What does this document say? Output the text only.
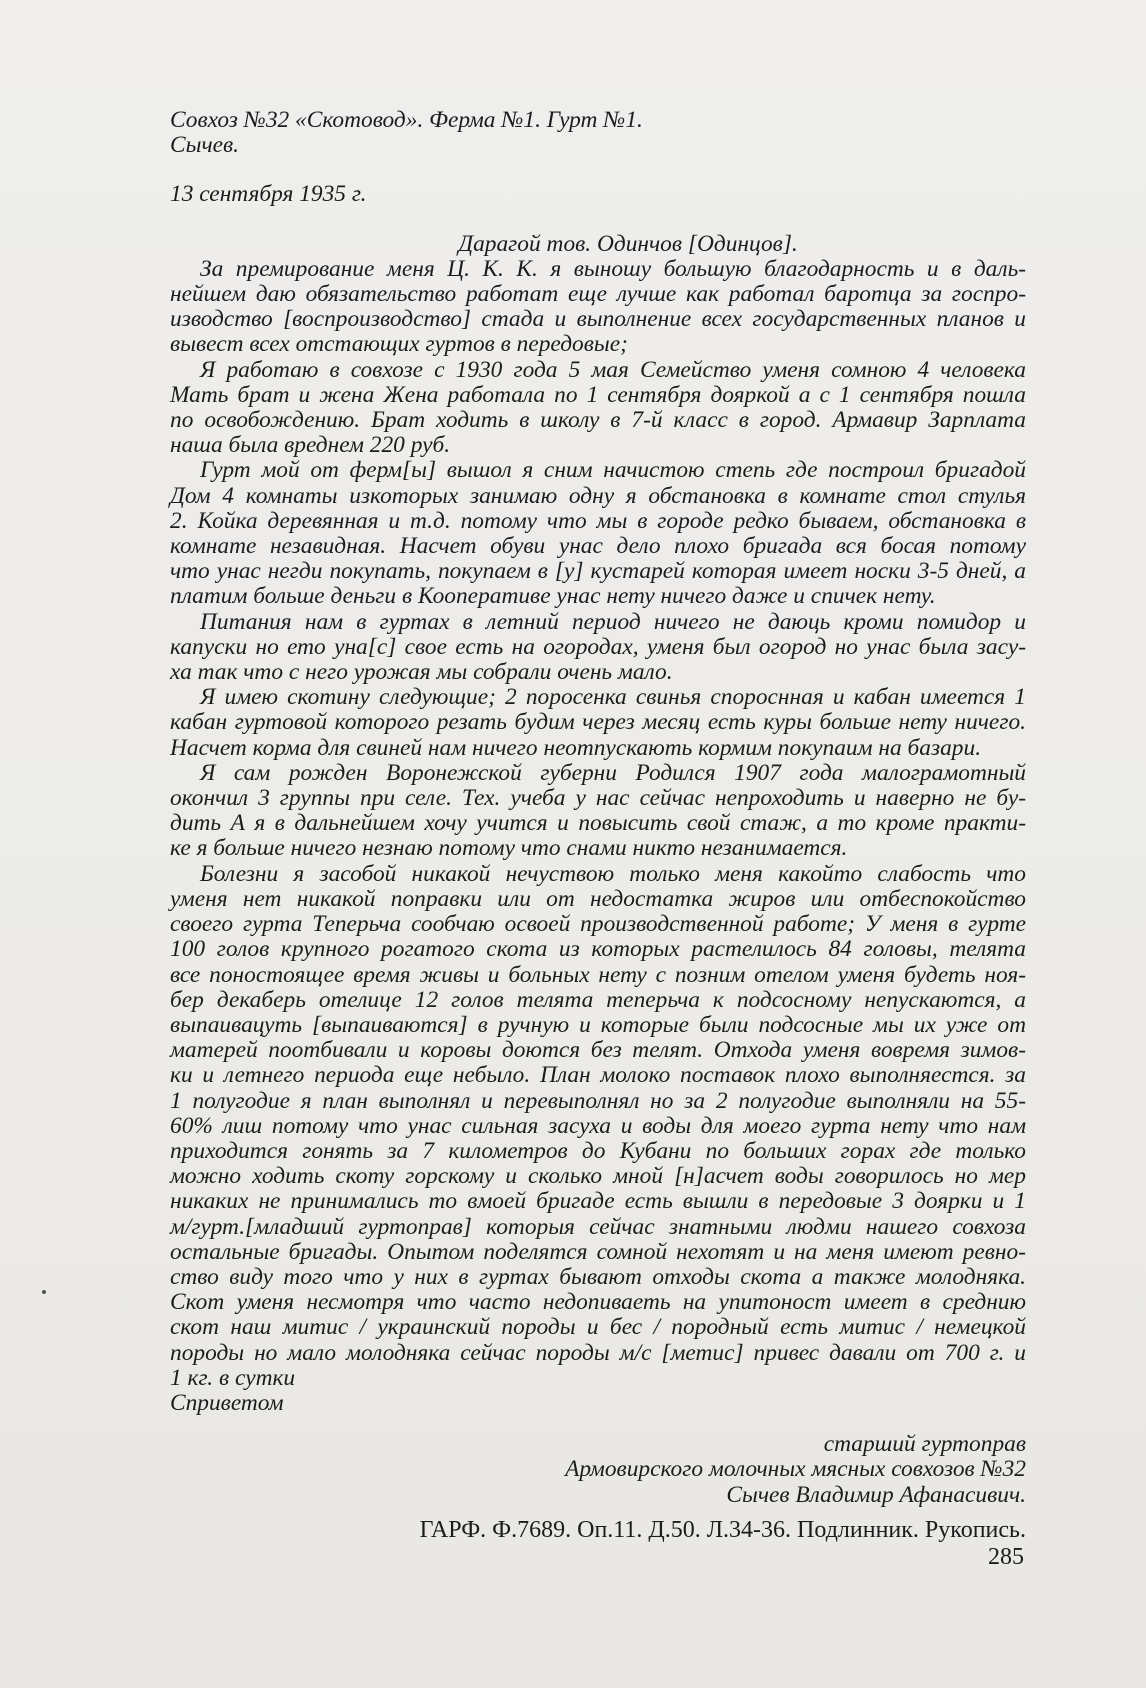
Совхоз №32 «Скотовод». Ферма №1. Гурт №1.

Сычев.

13 сентября 1935 г.

Дарагой тов. Одинчов [Одинцов].

За премирование меня Ц. К. К. я выношу большую благодарность и в даль-
нейшем даю обязательство работат еще лучше как работал баротца за госпро-
изводство [воспроизводство] стада и выполнение всех государственных планов и
вывест всех отстающих гуртов в передовые;

Я работаю в совхозе с 1930 года 5 мая Семейство уменя сомною 4 человека
Мать брат и жена Жена работала по 1 сентября дояркой а с 1 сентября пошла
по освобождению. Брат ходить в школу в 7-й класс в город. Армавир Зарплата
наша была вреднем 220 руб.

Гурт мой от ферм[ы] вышол я сним начистою степь где построил бригадой
Дом 4 комнаты изкоторых занимаю одну я обстановка в комнате стол стулья
2. Койка деревянная и т.д. потому что мы в городе редко бываем, обстановка в
комнате незавидная. Насчет обуви унас дело плохо бригада вся босая потому
что унас негди покупать, покупаем в [у] кустарей которая имеет носки 3-5 дней, а
платим больше деньги в Кооперативе унас нету ничего даже и спичек нету.

Питания нам в гуртах в летний период ничего не даюць кроми помидор и
капуски но ето уна[с] свое есть на огородах, уменя был огород но унас была засу-
ха так что с него урожая мы собрали очень мало.

Я имею скотину следующие; 2 поросенка свинья спороснная и кабан имеется 1
кабан гуртовой которого резать будим через месяц есть куры больше нету ничего.
Насчет корма для свиней нам ничего неотпускають кормим покупаим на базари.

Я сам рожден Воронежской губерни Родился 1907 года малограмотный
окончил 3 группы при селе. Тех. учеба у нас сейчас непроходить и наверно не бу-
дить А я в дальнейшем хочу учится и повысить свой стаж, а то кроме практи-
ке я больше ничего незнаю потому что снами никто незанимается.

Болезни я засобой никакой нечуствою только меня какойто слабость что
уменя нет никакой поправки или от недостатка жиров или отбеспокойство
своего гурта Теперьча сообчаю освоей производственной работе; У меня в гурте
100 голов крупного рогатого скота из которых растелилось 84 головы, телята
все поностоящее время живы и больных нету с позним отелом уменя будеть ноя-
бер декаберь отелице 12 голов телята теперьча к подсосному непускаются, а
выпаивацуть [выпаиваются] в ручную и которые были подсосные мы их уже от
матерей поотбивали и коровы доются без телят. Отхода уменя вовремя зимов-
ки и летнего периода еще небыло. План молоко поставок плохо выполняестся. за
1 полугодие я план выполнял и перевыполнял но за 2 полугодие выполняли на 55-
60% лиш потому что унас сильная засуха и воды для моего гурта нету что нам
приходится гонять за 7 километров до Кубани по больших горах где только
можно ходить скоту горскому и сколько мной [н]асчет воды говорилось но мер
никаких не принимались то вмоей бригаде есть вышли в передовые 3 доярки и 1
м/гурт.[младший гуртоправ] которыя сейчас знатными людми нашего совхоза
остальные бригады. Опытом поделятся сомной нехотят и на меня имеют ревно-
ство виду того что у них в гуртах бывают отходы скота а также молодняка.
Скот уменя несмотря что часто недопиваеть на упитоност имеет в среднию
скот наш митис / украинский породы и бес / породный есть митис / немецкой
породы но мало молодняка сейчас породы м/с [метис] привес давали от 700 г. и
1 кг. в сутки

Сприветом

старший гуртоправ

Армовирского молочных мясных совхозов №32

Сычев Владимир Афанасивич.

ГАРФ. Ф.7689. Оп.11. Д.50. Л.34-36. Подлинник. Рукопись.

285
